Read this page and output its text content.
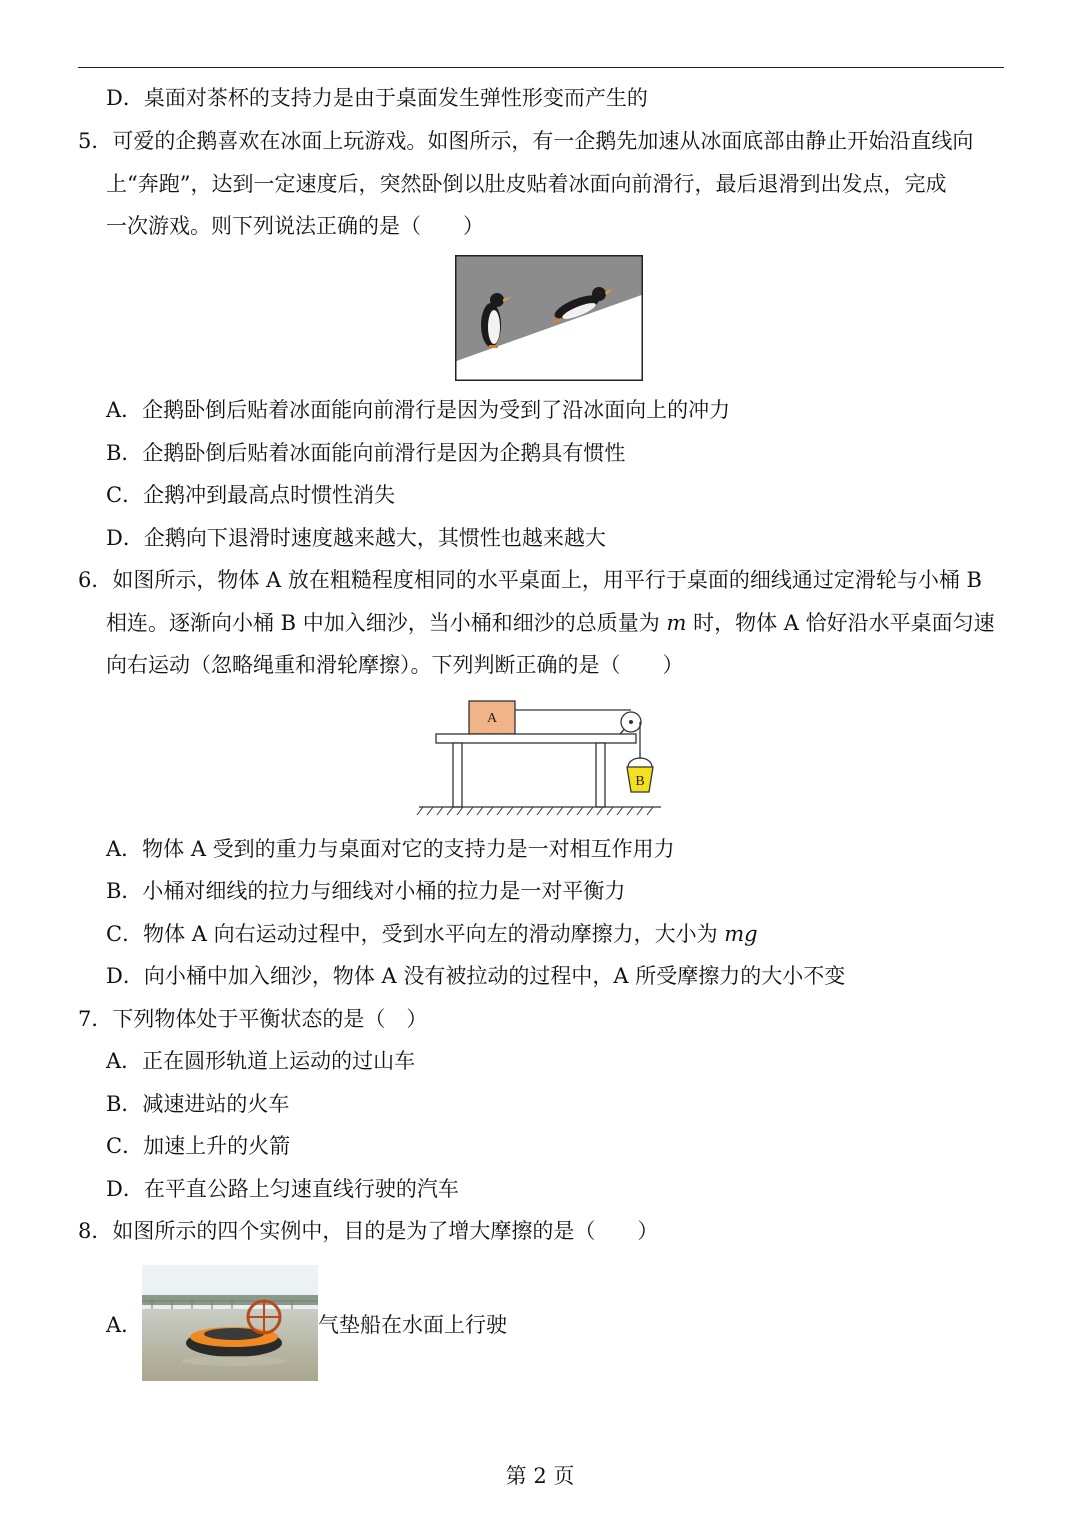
D．桌面对茶杯的支持力是由于桌面发生弹性形变而产生的
5．可爱的企鹅喜欢在冰面上玩游戏。如图所示，有一企鹅先加速从冰面底部由静止开始沿直线向
上“奔跑”，达到一定速度后，突然卧倒以肚皮贴着冰面向前滑行，最后退滑到出发点，完成
一次游戏。则下列说法正确的是（　　）
A．企鹅卧倒后贴着冰面能向前滑行是因为受到了沿冰面向上的冲力
B．企鹅卧倒后贴着冰面能向前滑行是因为企鹅具有惯性
C．企鹅冲到最高点时惯性消失
D．企鹅向下退滑时速度越来越大，其惯性也越来越大
6．如图所示，物体 A 放在粗糙程度相同的水平桌面上，用平行于桌面的细线通过定滑轮与小桶 B
相连。逐渐向小桶 B 中加入细沙，当小桶和细沙的总质量为 m 时，物体 A 恰好沿水平桌面匀速
向右运动（忽略绳重和滑轮摩擦）。下列判断正确的是（　　）
A
B
A．物体 A 受到的重力与桌面对它的支持力是一对相互作用力
B．小桶对细线的拉力与细线对小桶的拉力是一对平衡力
C．物体 A 向右运动过程中，受到水平向左的滑动摩擦力，大小为 mg
D．向小桶中加入细沙，物体 A 没有被拉动的过程中，A 所受摩擦力的大小不变
7．下列物体处于平衡状态的是（　）
A．正在圆形轨道上运动的过山车
B．减速进站的火车
C．加速上升的火箭
D．在平直公路上匀速直线行驶的汽车
8．如图所示的四个实例中，目的是为了增大摩擦的是（　　）
A．	气垫船在水面上行驶
第 2 页
